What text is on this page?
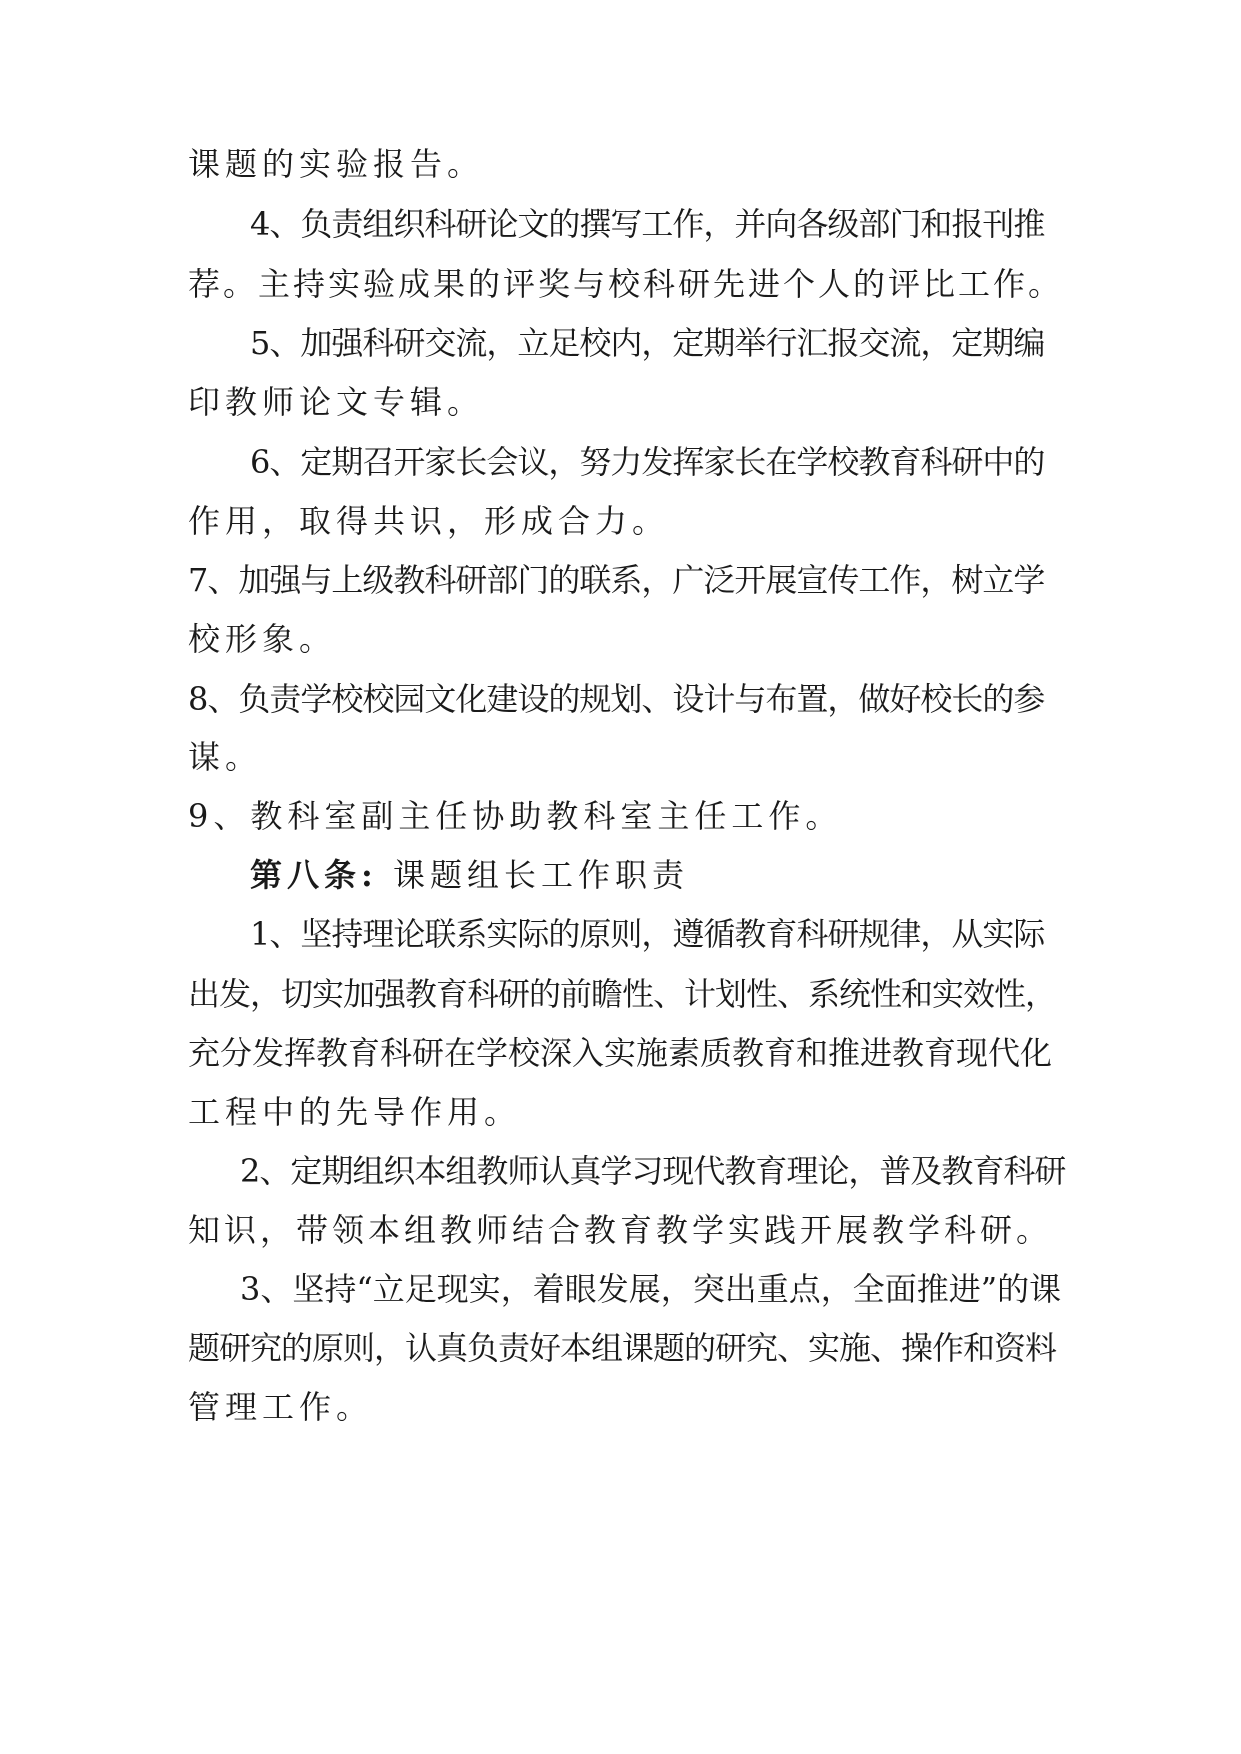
课题的实验报告。
4、负责组织科研论文的撰写工作，并向各级部门和报刊推
荐。主持实验成果的评奖与校科研先进个人的评比工作。
5、加强科研交流，立足校内，定期举行汇报交流，定期编
印教师论文专辑。
6、定期召开家长会议，努力发挥家长在学校教育科研中的
作用，取得共识，形成合力。
7、加强与上级教科研部门的联系，广泛开展宣传工作，树立学
校形象。
8、负责学校校园文化建设的规划、设计与布置，做好校长的参
谋。
9、教科室副主任协助教科室主任工作。
第八条: 课题组长工作职责
1、坚持理论联系实际的原则，遵循教育科研规律，从实际
出发，切实加强教育科研的前瞻性、计划性、系统性和实效性，
充分发挥教育科研在学校深入实施素质教育和推进教育现代化
工程中的先导作用。
2、定期组织本组教师认真学习现代教育理论，普及教育科研
知识，带领本组教师结合教育教学实践开展教学科研。
3、坚持“立足现实，着眼发展，突出重点，全面推进”的课
题研究的原则，认真负责好本组课题的研究、实施、操作和资料
管理工作。
